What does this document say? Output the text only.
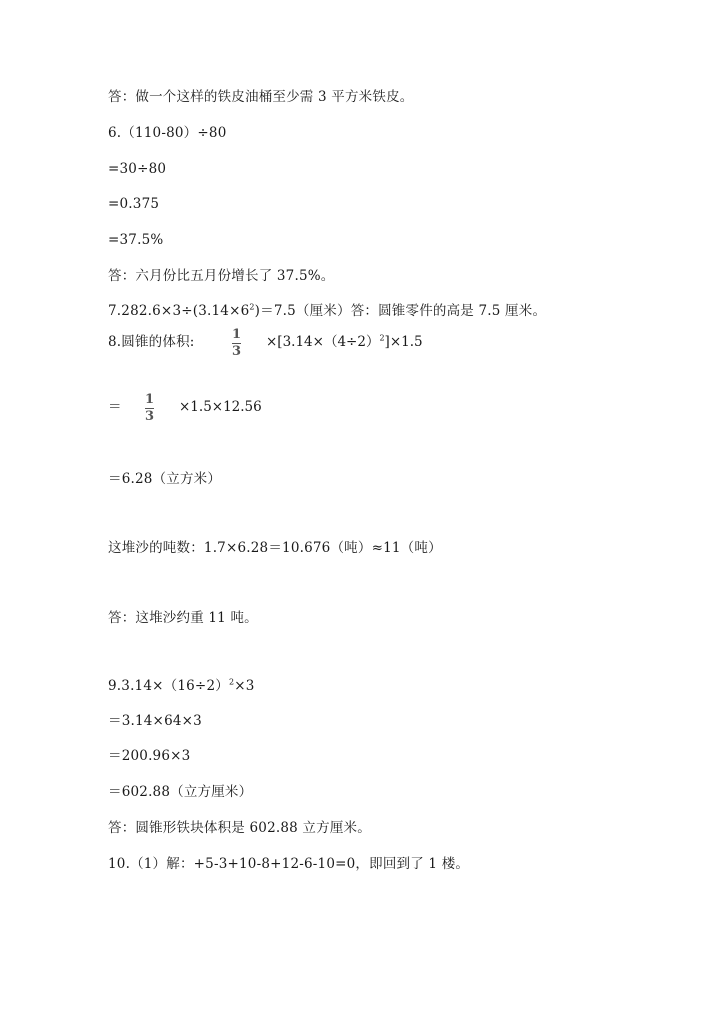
答：做一个这样的铁皮油桶至少需 3 平方米铁皮。
6.（110-80）÷80
=30÷80
=0.375
=37.5%
答：六月份比五月份增长了 37.5%。
$7.282.6\times 3\div(3.14\times 6^2)=7.5$（厘米）答：圆锥零件的高是 7.5 厘米。
8.圆锥的体积:	1
3
$\times[3.14\times(4\div 2)^2]\times 1.5$
＝ 1
3
×1.5×12.56
＝6.28（立方米）
这堆沙的吨数：1.7×6.28＝10.676（吨）≈11（吨）
答：这堆沙约重 11 吨。
$9.3.14\times(16\div 2)^2\times 3$
＝3.14×64×3
＝200.96×3
＝602.88（立方厘米）
答：圆锥形铁块体积是 602.88 立方厘米。
10.（1）解：+5-3+10-8+12-6-10=0，即回到了 1 楼。
